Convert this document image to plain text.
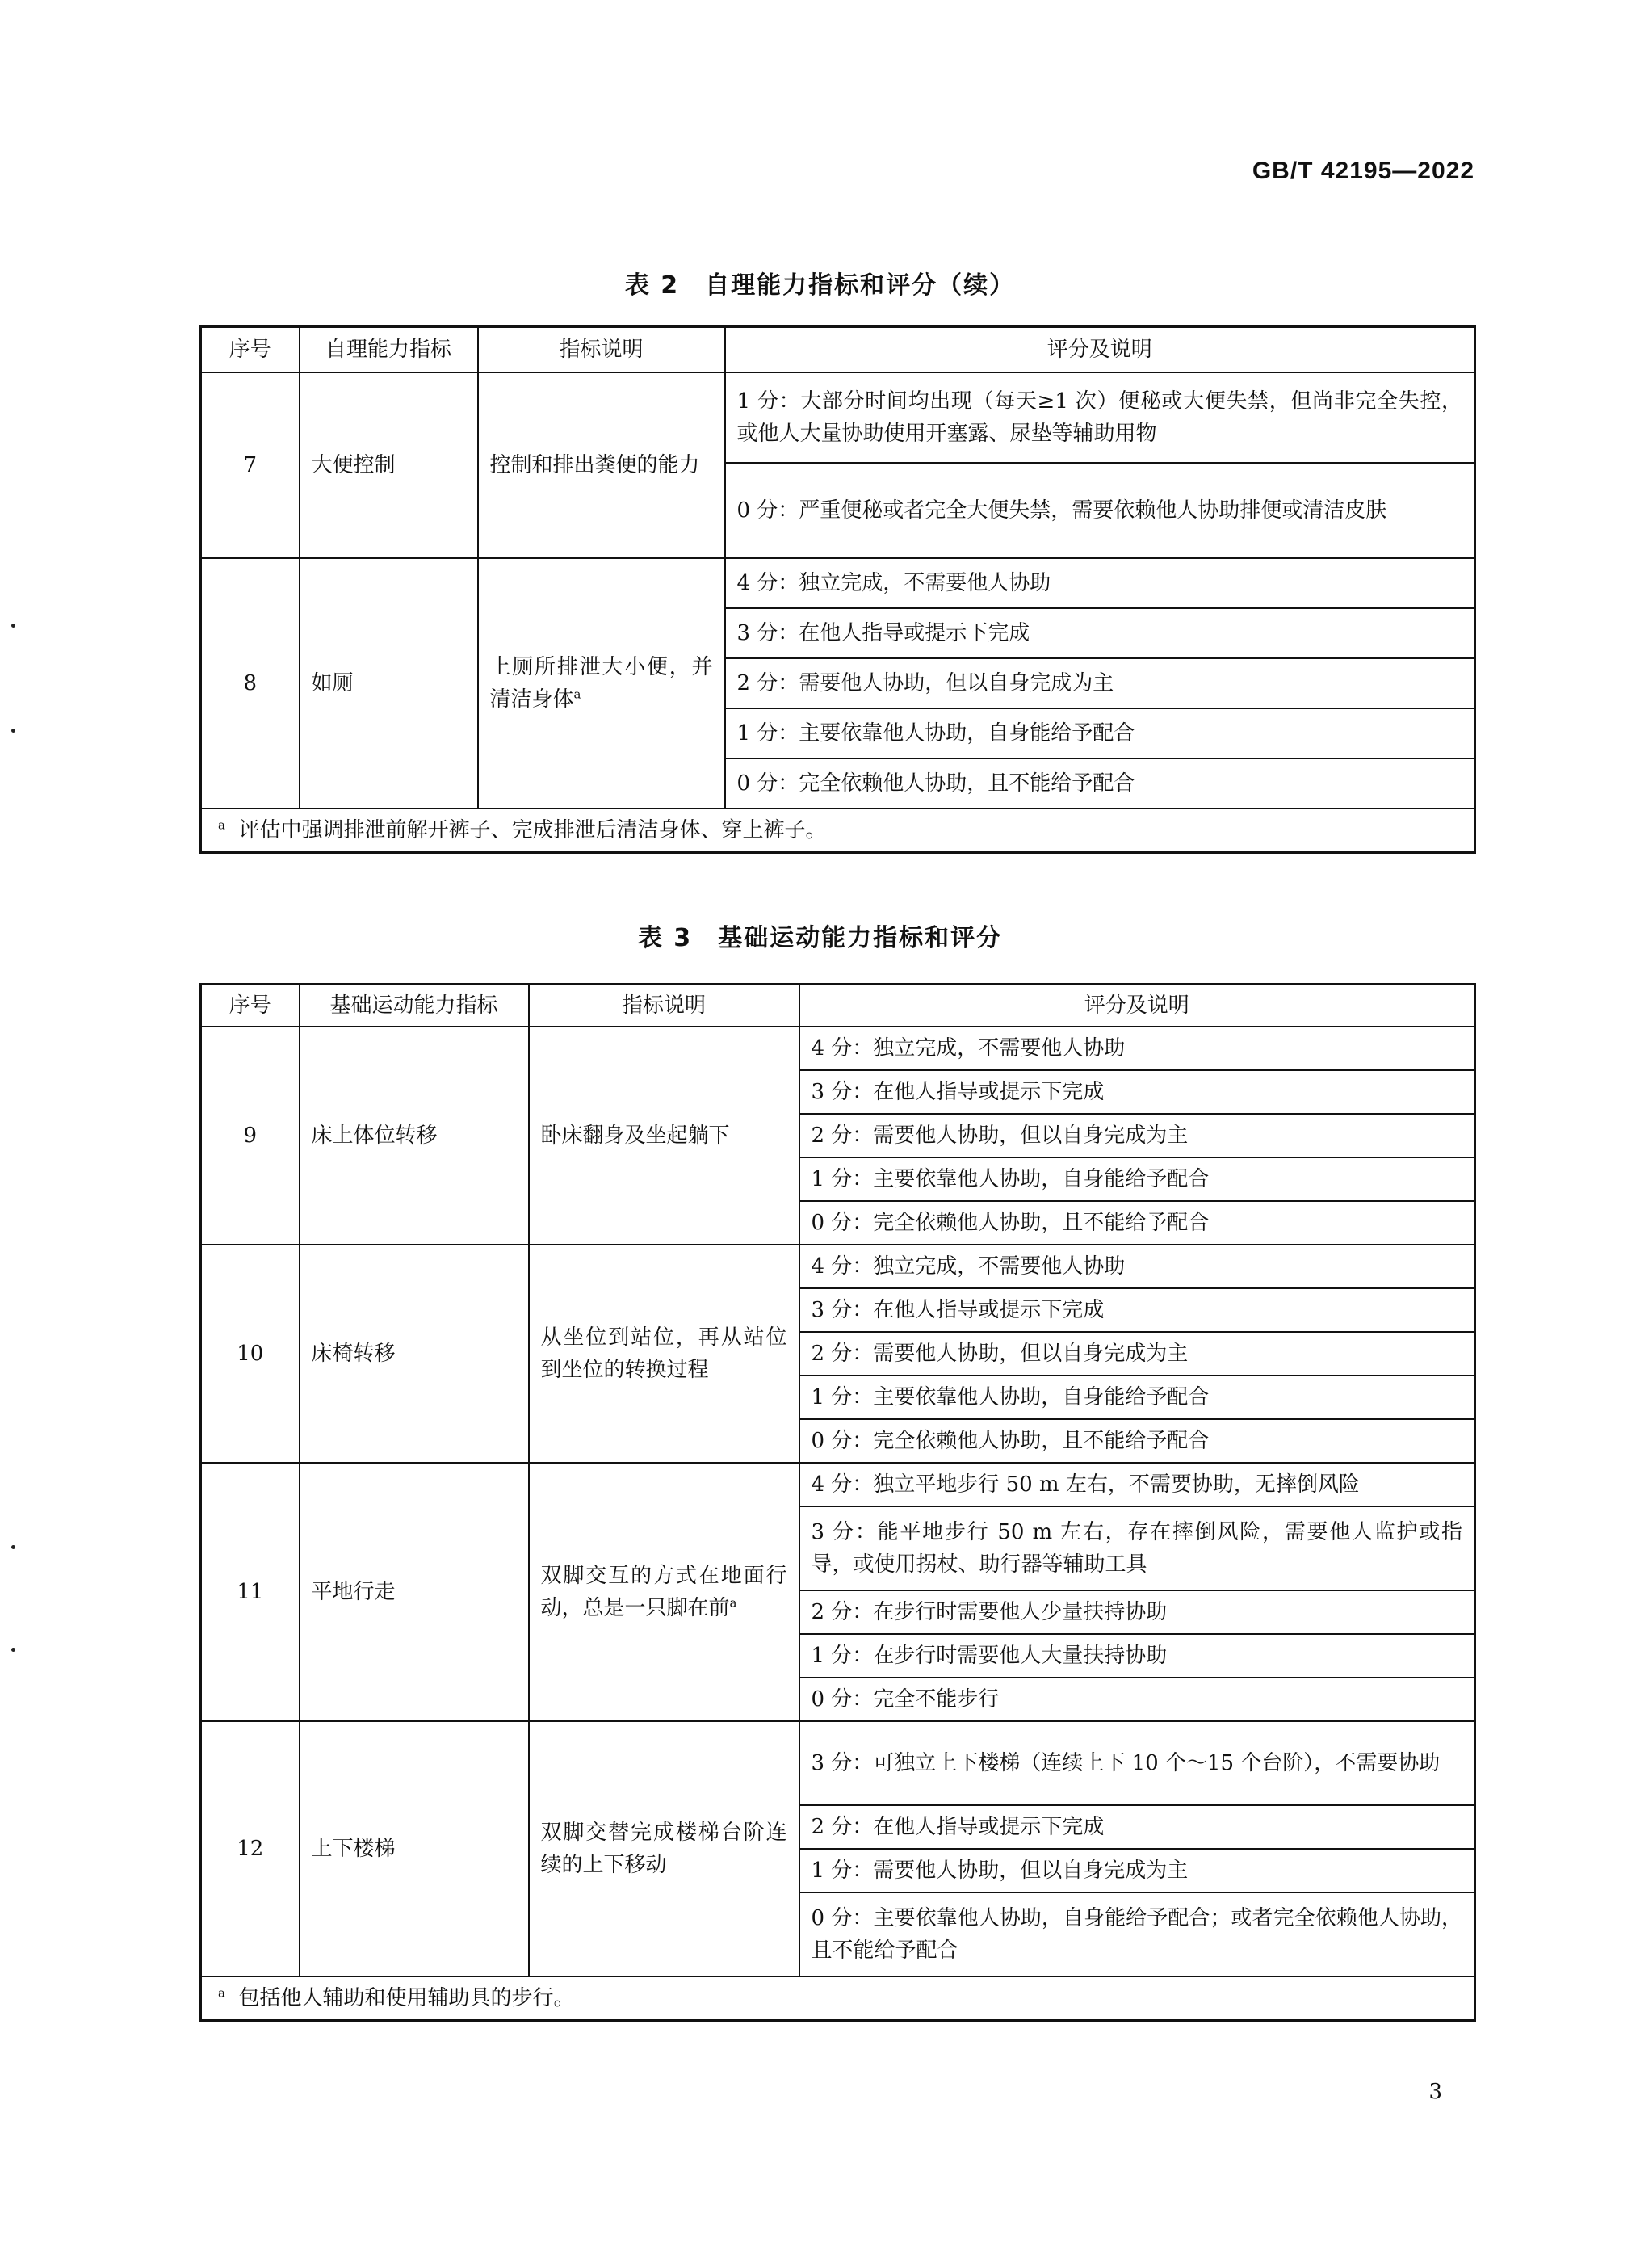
GB/T 42195—2022
表 2　自理能力指标和评分（续）
序号	自理能力指标	指标说明	评分及说明
7	大便控制	控制和排出粪便的能力	1 分：大部分时间均出现（每天≥1 次）便秘或大便失禁，但尚非完全失控，或他人大量协助使用开塞露、尿垫等辅助用物
			0 分：严重便秘或者完全大便失禁，需要依赖他人协助排便或清洁皮肤
8	如厕	上厕所排泄大小便，并清洁身体$^a$	4 分：独立完成，不需要他人协助
			3 分：在他人指导或提示下完成
			2 分：需要他人协助，但以自身完成为主
			1 分：主要依靠他人协助，自身能给予配合
			0 分：完全依赖他人协助，且不能给予配合
$^a$ 评估中强调排泄前解开裤子、完成排泄后清洁身体、穿上裤子。			
表 3　基础运动能力指标和评分
序号	基础运动能力指标	指标说明	评分及说明
9	床上体位转移	卧床翻身及坐起躺下	4 分：独立完成，不需要他人协助
			3 分：在他人指导或提示下完成
			2 分：需要他人协助，但以自身完成为主
			1 分：主要依靠他人协助，自身能给予配合
			0 分：完全依赖他人协助，且不能给予配合
10	床椅转移	从坐位到站位，再从站位到坐位的转换过程	4 分：独立完成，不需要他人协助
			3 分：在他人指导或提示下完成
			2 分：需要他人协助，但以自身完成为主
			1 分：主要依靠他人协助，自身能给予配合
			0 分：完全依赖他人协助，且不能给予配合
11	平地行走	双脚交互的方式在地面行动，总是一只脚在前$^a$	4 分：独立平地步行 50 m 左右，不需要协助，无摔倒风险
			3 分：能平地步行 50 m 左右，存在摔倒风险，需要他人监护或指导，或使用拐杖、助行器等辅助工具
			2 分：在步行时需要他人少量扶持协助
			1 分：在步行时需要他人大量扶持协助
			0 分：完全不能步行
12	上下楼梯	双脚交替完成楼梯台阶连续的上下移动	3 分：可独立上下楼梯（连续上下 10 个～15 个台阶），不需要协助
			2 分：在他人指导或提示下完成
			1 分：需要他人协助，但以自身完成为主
			0 分：主要依靠他人协助，自身能给予配合；或者完全依赖他人协助，且不能给予配合
$^a$ 包括他人辅助和使用辅助具的步行。			
3
